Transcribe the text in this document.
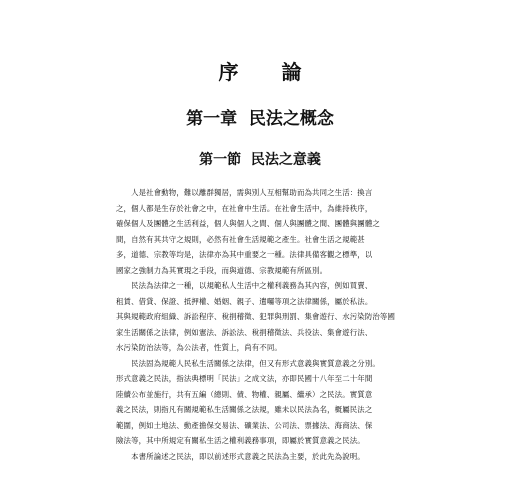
序 論
第一章  民法之概念
第一節  民法之意義
　　人是社會動物，難以離群獨居，需與別人互相幫助而為共同之生活：換言
之，個人都是生存於社會之中，在社會中生活。在社會生活中，為維持秩序，
確保個人及團體之生活利益，個人與個人之間、個人與團體之間、團體與團體之
間，自然有其共守之規則，必然有社會生活規範之產生。社會生活之規範甚
多，道德、宗教等均是，法律亦為其中重要之一種。法律具備客觀之標準，以
國家之強制力為其實現之手段，而與道德、宗教規範有所區別。
　　民法為法律之一種，以規範私人生活中之權利義務為其內容，例如買賣、
租賃、借貸、保證、抵押權、婚姻、親子、遺囑等項之法律關係，屬於私法。
其與規範政府組織、訴訟程序、稅捐稽徵、犯罪與刑罰、集會遊行、水污染防治等國
家生活關係之法律，例如憲法、訴訟法、稅捐稽徵法、兵役法、集會遊行法、
水污染防治法等，為公法者，性質上，尚有不同。
　　民法固為規範人民私生活關係之法律，但又有形式意義與實質意義之分別。
形式意義之民法，指法典標明「民法」之成文法，亦即民國十八年至二十年間
陸續公布並施行，共有五編（總則、債、物權、親屬、繼承）之民法。實質意
義之民法，則指凡有關規範私生活關係之法規，雖未以民法為名，概屬民法之
範圍，例如土地法、動產擔保交易法、礦業法、公司法、票據法、海商法、保
險法等，其中所規定有關私生活之權利義務事項，即屬於實質意義之民法。
　　本書所論述之民法，即以前述形式意義之民法為主要，於此先為說明。
